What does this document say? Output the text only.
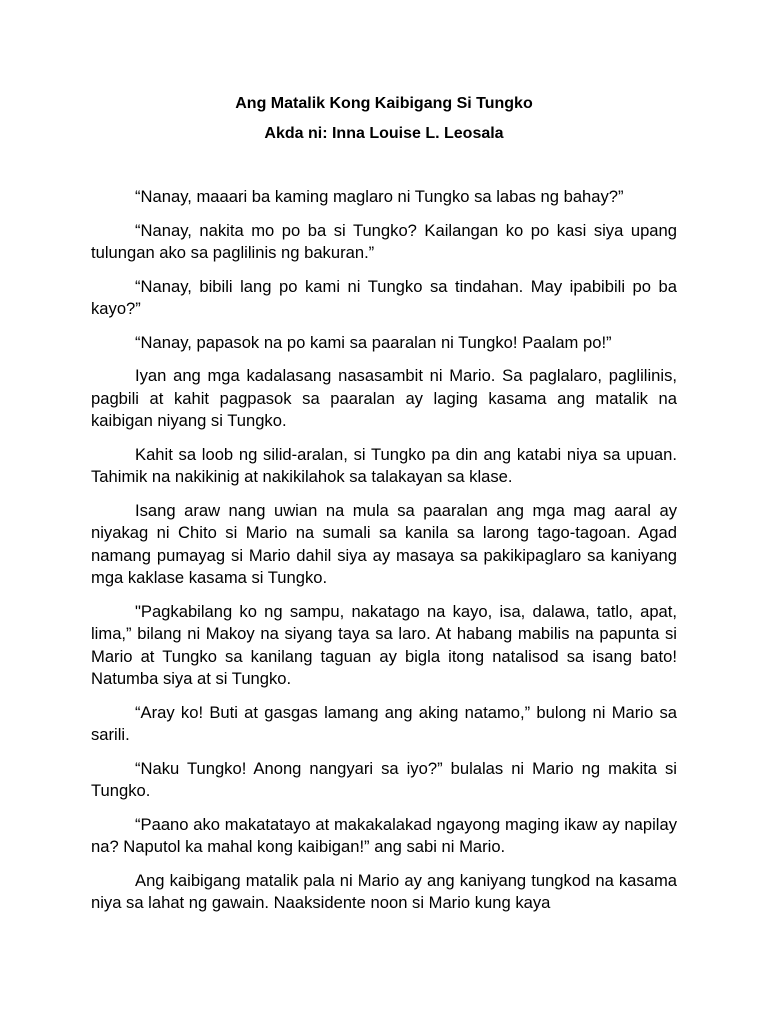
Ang Matalik Kong Kaibigang Si Tungko

Akda ni: Inna Louise L. Leosala

“Nanay, maaari ba kaming maglaro ni Tungko sa labas ng bahay?”

“Nanay, nakita mo po ba si Tungko? Kailangan ko po kasi siya upang tulungan ako sa paglilinis ng bakuran.”

“Nanay, bibili lang po kami ni Tungko sa tindahan. May ipabibili po ba kayo?”

“Nanay, papasok na po kami sa paaralan ni Tungko! Paalam po!”

Iyan ang mga kadalasang nasasambit ni Mario. Sa paglalaro, paglilinis, pagbili at kahit pagpasok sa paaralan ay laging kasama ang matalik na kaibigan niyang si Tungko.

Kahit sa loob ng silid-aralan, si Tungko pa din ang katabi niya sa upuan. Tahimik na nakikinig at nakikilahok sa talakayan sa klase.

Isang araw nang uwian na mula sa paaralan ang mga mag aaral ay niyakag ni Chito si Mario na sumali sa kanila sa larong tago-tagoan. Agad namang pumayag si Mario dahil siya ay masaya sa pakikipaglaro sa kaniyang mga kaklase kasama si Tungko.

"Pagkabilang ko ng sampu, nakatago na kayo, isa, dalawa, tatlo, apat, lima,” bilang ni Makoy na siyang taya sa laro. At habang mabilis na papunta si Mario at Tungko sa kanilang taguan ay bigla itong natalisod sa isang bato! Natumba siya at si Tungko.

“Aray ko! Buti at gasgas lamang ang aking natamo,” bulong ni Mario sa sarili.

“Naku Tungko! Anong nangyari sa iyo?” bulalas ni Mario ng makita si Tungko.

“Paano ako makatatayo at makakalakad ngayong maging ikaw ay napilay na? Naputol ka mahal kong kaibigan!” ang sabi ni Mario.

Ang kaibigang matalik pala ni Mario ay ang kaniyang tungkod na kasama niya sa lahat ng gawain. Naaksidente noon si Mario kung kaya
